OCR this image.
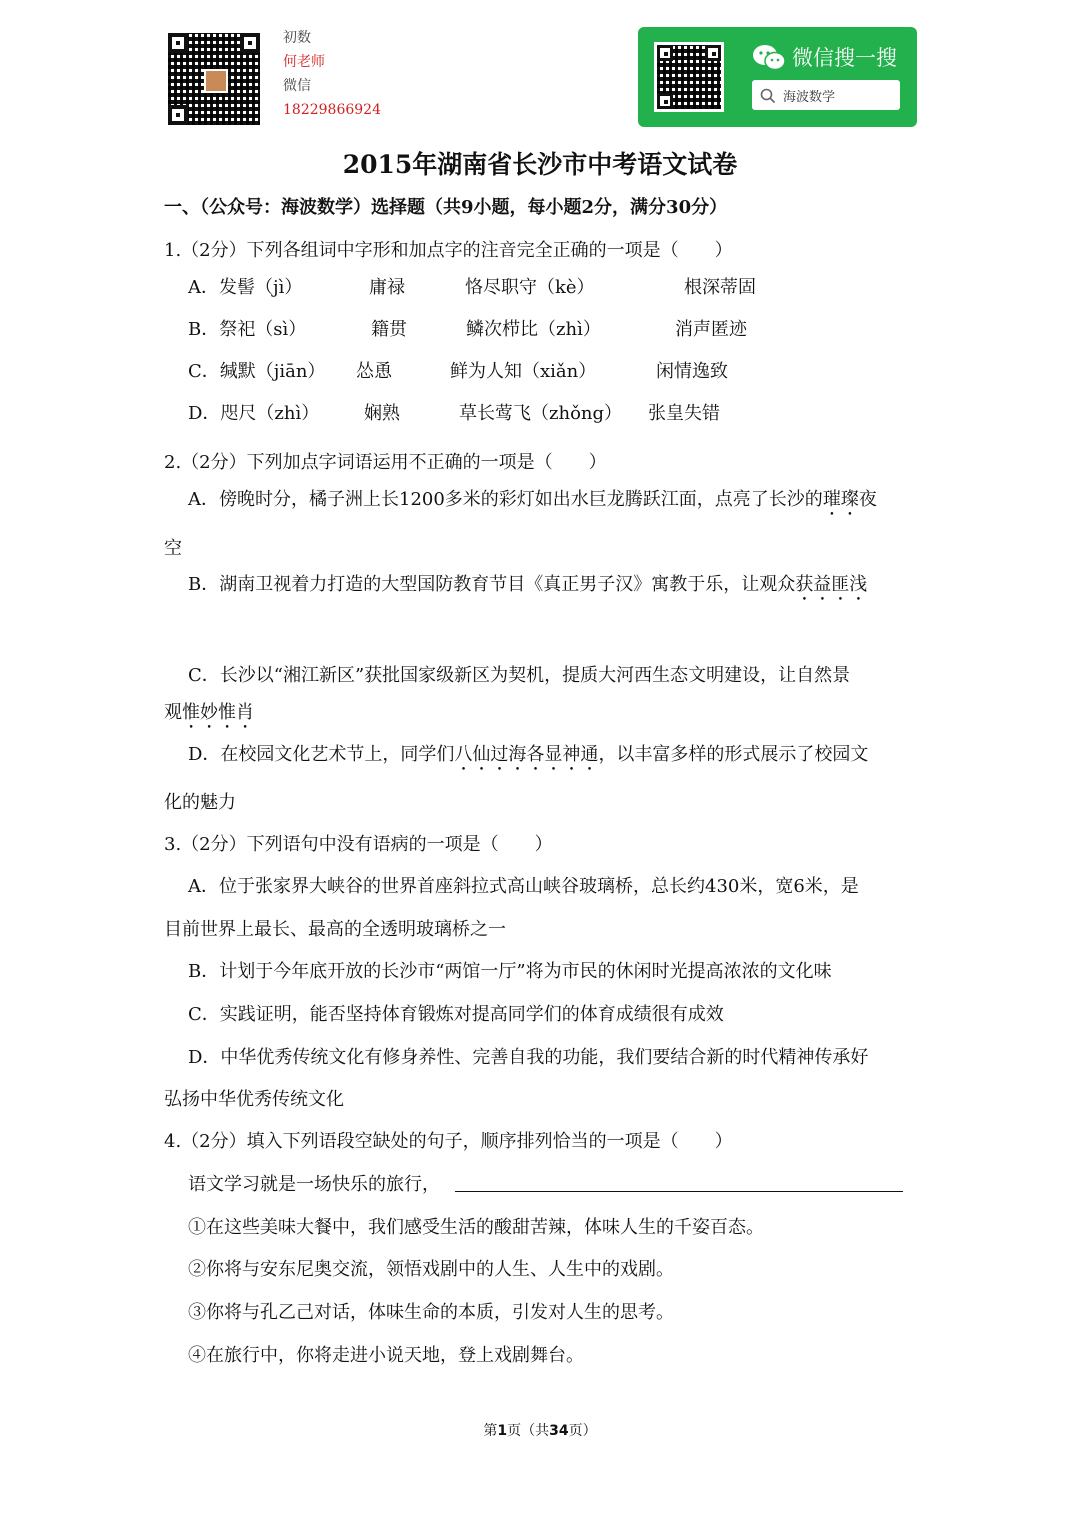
初数
何老师
微信
18229866924
微信搜一搜
海波数学
2015年湖南省长沙市中考语文试卷
一、（公众号：海波数学）选择题（共9小题，每小题2分，满分30分）
1.（2分）下列各组词中字形和加点字的注音完全正确的一项是（　　）
A．发髻（jì）	庸禄	恪尽职守（kè）	根深蒂固
B．祭祀（sì）	籍贯	鳞次栉比（zhì）	消声匿迹
C．缄默（jiān） 怂恿	鲜为人知（xiǎn）	闲情逸致
D．咫尺（zhì） 娴熟	草长莺飞（zhǒng） 张皇失错
2.（2分）下列加点字词语运用不正确的一项是（　　）
A．傍晚时分，橘子洲上长1200多米的彩灯如出水巨龙腾跃江面，点亮了长沙的璀璨夜
空
B．湖南卫视着力打造的大型国防教育节目《真正男子汉》寓教于乐，让观众获益匪浅
C．长沙以“湘江新区”获批国家级新区为契机，提质大河西生态文明建设，让自然景
观惟妙惟肖
D．在校园文化艺术节上，同学们八仙过海各显神通，以丰富多样的形式展示了校园文
化的魅力
3.（2分）下列语句中没有语病的一项是（　　）
A．位于张家界大峡谷的世界首座斜拉式高山峡谷玻璃桥，总长约430米，宽6米，是
目前世界上最长、最高的全透明玻璃桥之一
B．计划于今年底开放的长沙市“两馆一厅”将为市民的休闲时光提高浓浓的文化味
C．实践证明，能否坚持体育锻炼对提高同学们的体育成绩很有成效
D．中华优秀传统文化有修身养性、完善自我的功能，我们要结合新的时代精神传承好
弘扬中华优秀传统文化
4.（2分）填入下列语段空缺处的句子，顺序排列恰当的一项是（　　）
语文学习就是一场快乐的旅行，
①在这些美味大餐中，我们感受生活的酸甜苦辣，体味人生的千姿百态。
②你将与安东尼奥交流，领悟戏剧中的人生、人生中的戏剧。
③你将与孔乙己对话，体味生命的本质，引发对人生的思考。
④在旅行中，你将走进小说天地，登上戏剧舞台。
第1页（共34页）
